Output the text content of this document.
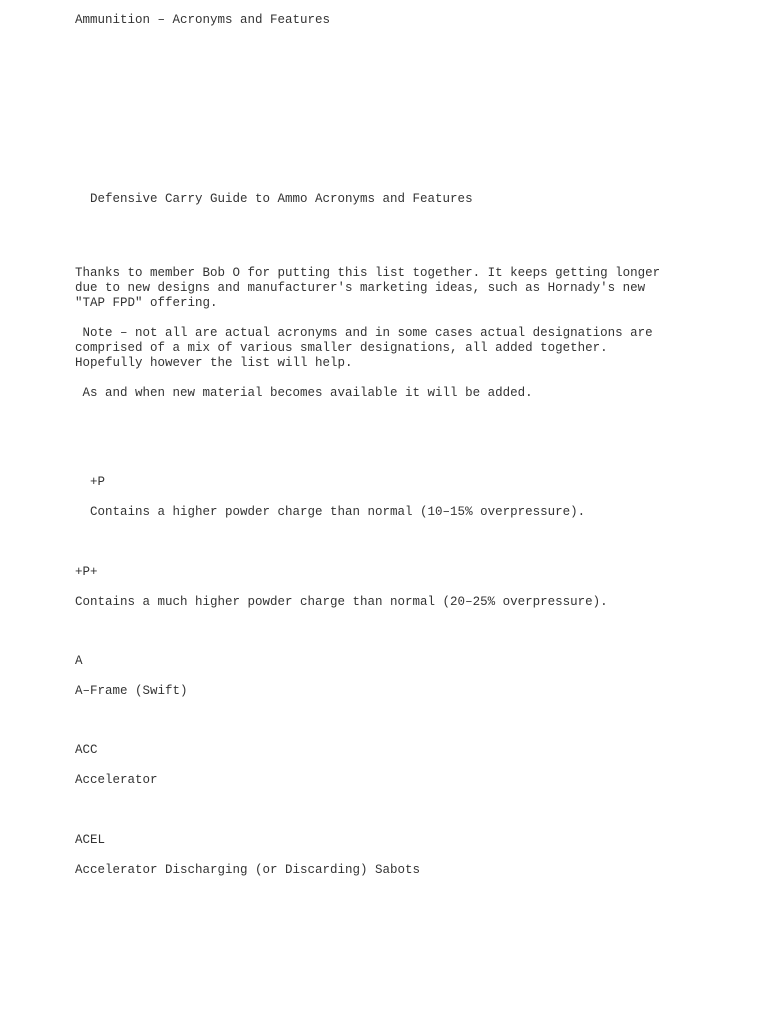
Ammunition – Acronyms and Features

Defensive Carry Guide to Ammo Acronyms and Features

Thanks to member Bob O for putting this list together. It keeps getting longer
due to new designs and manufacturer's marketing ideas, such as Hornady's new
"TAP FPD" offering.

Note – not all are actual acronyms and in some cases actual designations are
comprised of a mix of various smaller designations, all added together.
Hopefully however the list will help.

As and when new material becomes available it will be added.

+P

Contains a higher powder charge than normal (10–15% overpressure).

+P+

Contains a much higher powder charge than normal (20–25% overpressure).

A

A–Frame (Swift)

ACC

Accelerator

ACEL

Accelerator Discharging (or Discarding) Sabots
